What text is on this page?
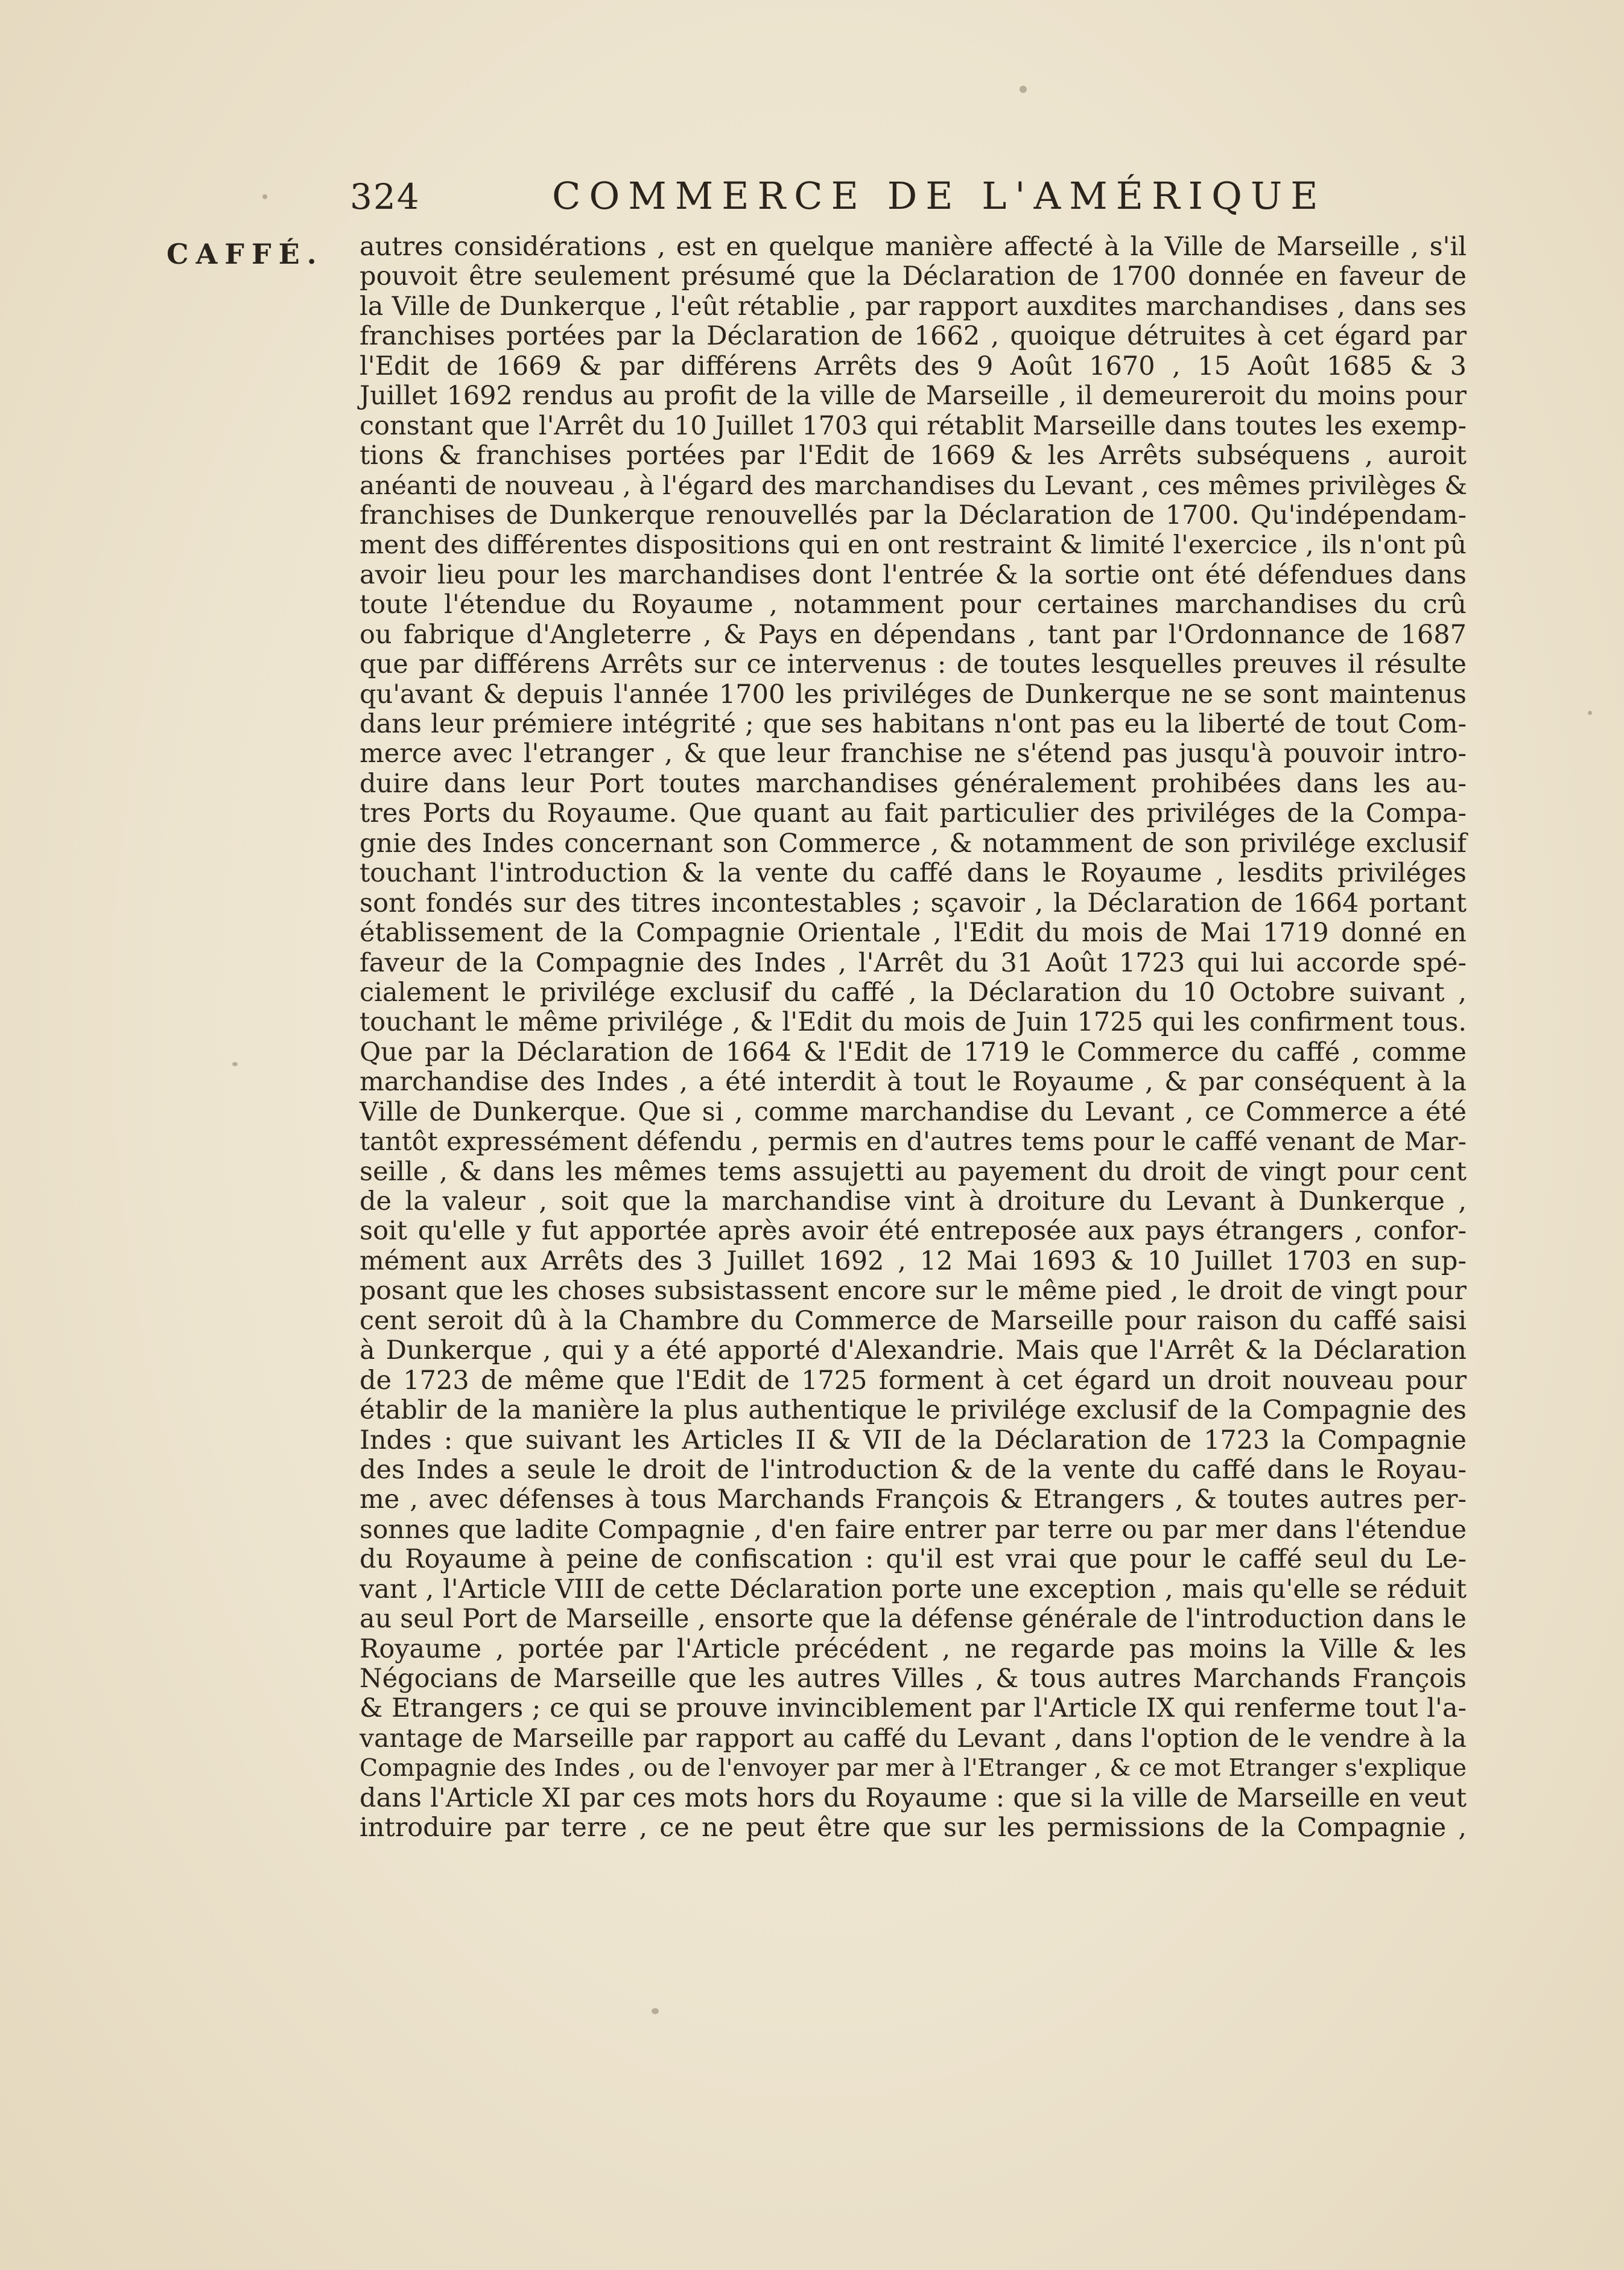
324	COMMERCE DE L'AMÉRIQUE
CAFFÉ. autres considérations , est en quelque manière affecté à la Ville de Marseille , s'il
pouvoit être seulement présumé que la Déclaration de 1700 donnée en faveur de
la Ville de Dunkerque , l'eût rétablie , par rapport auxdites marchandises , dans ses
franchises portées par la Déclaration de 1662 , quoique détruites à cet égard par
l'Edit de 1669 & par différens Arrêts des 9 Août 1670 , 15 Août 1685 & 3
Juillet 1692 rendus au profit de la ville de Marseille , il demeureroit du moins pour
constant que l'Arrêt du 10 Juillet 1703 qui rétablit Marseille dans toutes les exemp-
tions & franchises portées par l'Edit de 1669 & les Arrêts subséquens , auroit
anéanti de nouveau , à l'égard des marchandises du Levant , ces mêmes privilèges &
franchises de Dunkerque renouvellés par la Déclaration de 1700. Qu'indépendam-
ment des différentes dispositions qui en ont restraint & limité l'exercice , ils n'ont pû
avoir lieu pour les marchandises dont l'entrée & la sortie ont été défendues dans
toute l'étendue du Royaume , notamment pour certaines marchandises du crû
ou fabrique d'Angleterre , & Pays en dépendans , tant par l'Ordonnance de 1687
que par différens Arrêts sur ce intervenus : de toutes lesquelles preuves il résulte
qu'avant & depuis l'année 1700 les priviléges de Dunkerque ne se sont maintenus
dans leur prémiere intégrité ; que ses habitans n'ont pas eu la liberté de tout Com-
merce avec l'etranger , & que leur franchise ne s'étend pas jusqu'à pouvoir intro-
duire dans leur Port toutes marchandises généralement prohibées dans les au-
tres Ports du Royaume. Que quant au fait particulier des priviléges de la Compa-
gnie des Indes concernant son Commerce , & notamment de son privilége exclusif
touchant l'introduction & la vente du caffé dans le Royaume , lesdits priviléges
sont fondés sur des titres incontestables ; sçavoir , la Déclaration de 1664 portant
établissement de la Compagnie Orientale , l'Edit du mois de Mai 1719 donné en
faveur de la Compagnie des Indes , l'Arrêt du 31 Août 1723 qui lui accorde spé-
cialement le privilége exclusif du caffé , la Déclaration du 10 Octobre suivant ,
touchant le même privilége , & l'Edit du mois de Juin 1725 qui les confirment tous.
Que par la Déclaration de 1664 & l'Edit de 1719 le Commerce du caffé , comme
marchandise des Indes , a été interdit à tout le Royaume , & par conséquent à la
Ville de Dunkerque. Que si , comme marchandise du Levant , ce Commerce a été
tantôt expressément défendu , permis en d'autres tems pour le caffé venant de Mar-
seille , & dans les mêmes tems assujetti au payement du droit de vingt pour cent
de la valeur , soit que la marchandise vint à droiture du Levant à Dunkerque ,
soit qu'elle y fut apportée après avoir été entreposée aux pays étrangers , confor-
mément aux Arrêts des 3 Juillet 1692 , 12 Mai 1693 & 10 Juillet 1703 en sup-
posant que les choses subsistassent encore sur le même pied , le droit de vingt pour
cent seroit dû à la Chambre du Commerce de Marseille pour raison du caffé saisi
à Dunkerque , qui y a été apporté d'Alexandrie. Mais que l'Arrêt & la Déclaration
de 1723 de même que l'Edit de 1725 forment à cet égard un droit nouveau pour
établir de la manière la plus authentique le privilége exclusif de la Compagnie des
Indes : que suivant les Articles II & VII de la Déclaration de 1723 la Compagnie
des Indes a seule le droit de l'introduction & de la vente du caffé dans le Royau-
me , avec défenses à tous Marchands François & Etrangers , & toutes autres per-
sonnes que ladite Compagnie , d'en faire entrer par terre ou par mer dans l'étendue
du Royaume à peine de confiscation : qu'il est vrai que pour le caffé seul du Le-
vant , l'Article VIII de cette Déclaration porte une exception , mais qu'elle se réduit
au seul Port de Marseille , ensorte que la défense générale de l'introduction dans le
Royaume , portée par l'Article précédent , ne regarde pas moins la Ville & les
Négocians de Marseille que les autres Villes , & tous autres Marchands François
& Etrangers ; ce qui se prouve invinciblement par l'Article IX qui renferme tout l'a-
vantage de Marseille par rapport au caffé du Levant , dans l'option de le vendre à la
Compagnie des Indes , ou de l'envoyer par mer à l'Etranger , & ce mot Etranger s'explique
dans l'Article XI par ces mots hors du Royaume : que si la ville de Marseille en veut
introduire par terre , ce ne peut être que sur les permissions de la Compagnie ,
